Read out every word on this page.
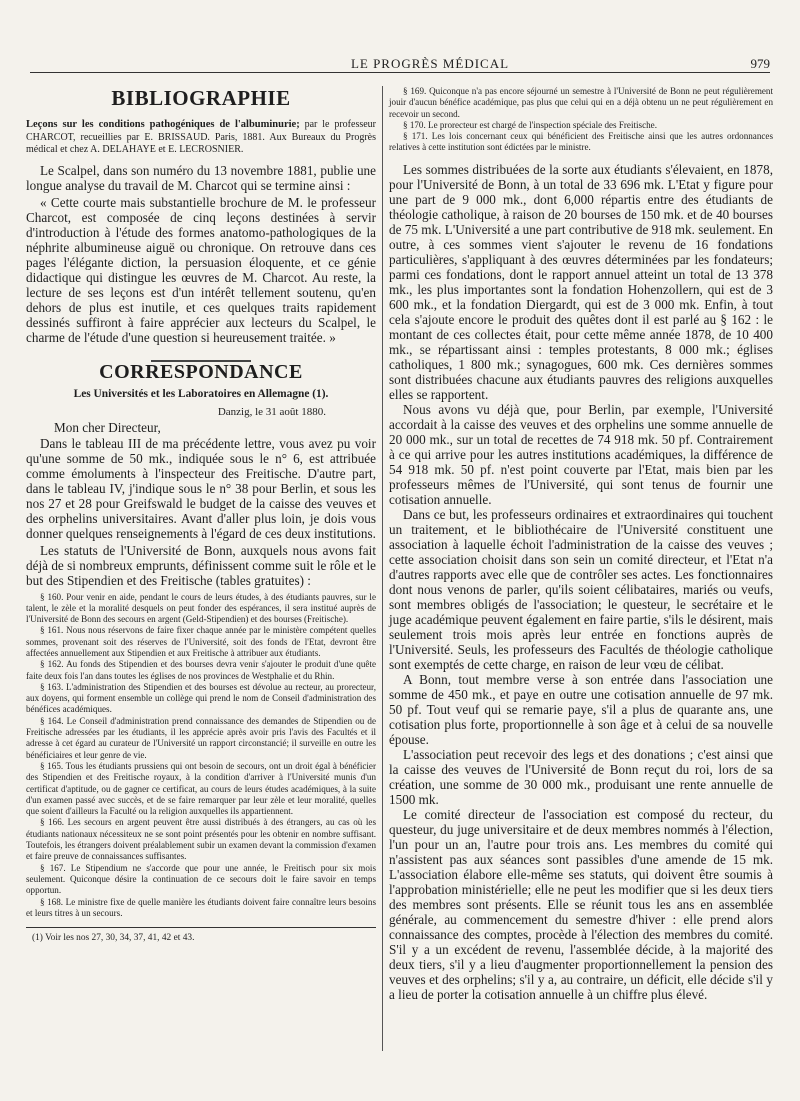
LE PROGRÈS MÉDICAL	979
BIBLIOGRAPHIE

Leçons sur les conditions pathogéniques de l'albuminurie; par le professeur CHARCOT, recueillies par E. BRISSAUD. Paris, 1881. Aux Bureaux du Progrès médical et chez A. DELAHAYE et E. LECROSNIER.

Le Scalpel, dans son numéro du 13 novembre 1881, publie une longue analyse du travail de M. Charcot qui se termine ainsi :

« Cette courte mais substantielle brochure de M. le professeur Charcot, est composée de cinq leçons destinées à servir d'introduction à l'étude des formes anatomo-pathologiques de la néphrite albumineuse aiguë ou chronique. On retrouve dans ces pages l'élégante diction, la persuasion éloquente, et ce génie didactique qui distingue les œuvres de M. Charcot. Au reste, la lecture de ses leçons est d'un intérêt tellement soutenu, qu'en dehors de plus est inutile, et ces quelques traits rapidement dessinés suffiront à faire apprécier aux lecteurs du Scalpel, le charme de l'étude d'une question si heureusement traitée. »

CORRESPONDANCE
Les Universités et les Laboratoires en Allemagne (1).
Danzig, le 31 août 1880.
Mon cher Directeur,

Dans le tableau III de ma précédente lettre, vous avez pu voir qu'une somme de 50 mk., indiquée sous le n° 6, est attribuée comme émoluments à l'inspecteur des Freitische. D'autre part, dans le tableau IV, j'indique sous le n° 38 pour Berlin, et sous les nos 27 et 28 pour Greifswald le budget de la caisse des veuves et des orphelins universitaires. Avant d'aller plus loin, je dois vous donner quelques renseignements à l'égard de ces deux institutions.

Les statuts de l'Université de Bonn, auxquels nous avons fait déjà de si nombreux emprunts, définissent comme suit le rôle et le but des Stipendien et des Freitische (tables gratuites) :

§ 160. Pour venir en aide, pendant le cours de leurs études, à des étudiants pauvres, sur le talent, le zèle et la moralité desquels on peut fonder des espérances, il sera institué auprès de l'Université de Bonn des secours en argent (Geld-Stipendien) et des bourses (Freitische).

§ 161. Nous nous réservons de faire fixer chaque année par le ministère compétent quelles sommes, provenant soit des réserves de l'Université, soit des fonds de l'Etat, devront être affectées annuellement aux Stipendien et aux Freitische à attribuer aux étudiants.

§ 162. Au fonds des Stipendien et des bourses devra venir s'ajouter le produit d'une quête faite deux fois l'an dans toutes les églises de nos provinces de Westphalie et du Rhin.

§ 163. L'administration des Stipendien et des bourses est dévolue au recteur, au prorecteur, aux doyens, qui forment ensemble un collège qui prend le nom de Conseil d'administration des bénéfices académiques.

§ 164. Le Conseil d'administration prend connaissance des demandes de Stipendien ou de Freitische adressées par les étudiants, il les apprécie après avoir pris l'avis des Facultés et il adresse à cet égard au curateur de l'Université un rapport circonstancié; il surveille en outre les bénéficiaires et leur genre de vie.

§ 165. Tous les étudiants prussiens qui ont besoin de secours, ont un droit égal à bénéficier des Stipendien et des Freitische royaux, à la condition d'arriver à l'Université munis d'un certificat d'aptitude, ou de gagner ce certificat, au cours de leurs études académiques, à la suite d'un examen passé avec succès, et de se faire remarquer par leur zèle et leur moralité, quelles que soient d'ailleurs la Faculté ou la religion auxquelles ils appartiennent.

§ 166. Les secours en argent peuvent être aussi distribués à des étrangers, au cas où les étudiants nationaux nécessiteux ne se sont point présentés pour les obtenir en nombre suffisant. Toutefois, les étrangers doivent préalablement subir un examen devant la commission d'examen et faire preuve de connaissances suffisantes.

§ 167. Le Stipendium ne s'accorde que pour une année, le Freitisch pour six mois seulement. Quiconque désire la continuation de ce secours doit le faire savoir en temps opportun.

§ 168. Le ministre fixe de quelle manière les étudiants doivent faire connaître leurs besoins et leurs titres à un secours.

(1) Voir les nos 27, 30, 34, 37, 41, 42 et 43.

§ 169. Quiconque n'a pas encore séjourné un semestre à l'Université de Bonn ne peut régulièrement jouir d'aucun bénéfice académique, pas plus que celui qui en a déjà obtenu un ne peut régulièrement en recevoir un second.

§ 170. Le prorecteur est chargé de l'inspection spéciale des Freitische.

§ 171. Les lois concernant ceux qui bénéficient des Freitische ainsi que les autres ordonnances relatives à cette institution sont édictées par le ministre.

Les sommes distribuées de la sorte aux étudiants s'élevaient, en 1878, pour l'Université de Bonn, à un total de 33 696 mk. L'Etat y figure pour une part de 9 000 mk., dont 6,000 répartis entre des étudiants de théologie catholique, à raison de 20 bourses de 150 mk. et de 40 bourses de 75 mk. L'Université a une part contributive de 918 mk. seulement. En outre, à ces sommes vient s'ajouter le revenu de 16 fondations particulières, s'appliquant à des œuvres déterminées par les fondateurs; parmi ces fondations, dont le rapport annuel atteint un total de 13 378 mk., les plus importantes sont la fondation Hohenzollern, qui est de 3 600 mk., et la fondation Diergardt, qui est de 3 000 mk. Enfin, à tout cela s'ajoute encore le produit des quêtes dont il est parlé au § 162 : le montant de ces collectes était, pour cette même année 1878, de 10 400 mk., se répartissant ainsi : temples protestants, 8 000 mk.; églises catholiques, 1 800 mk.; synagogues, 600 mk. Ces dernières sommes sont distribuées chacune aux étudiants pauvres des religions auxquelles elles se rapportent.

Nous avons vu déjà que, pour Berlin, par exemple, l'Université accordait à la caisse des veuves et des orphelins une somme annuelle de 20 000 mk., sur un total de recettes de 74 918 mk. 50 pf. Contrairement à ce qui arrive pour les autres institutions académiques, la différence de 54 918 mk. 50 pf. n'est point couverte par l'Etat, mais bien par les professeurs mêmes de l'Université, qui sont tenus de fournir une cotisation annuelle.

Dans ce but, les professeurs ordinaires et extraordinaires qui touchent un traitement, et le bibliothécaire de l'Université constituent une association à laquelle échoit l'administration de la caisse des veuves ; cette association choisit dans son sein un comité directeur, et l'Etat n'a d'autres rapports avec elle que de contrôler ses actes. Les fonctionnaires dont nous venons de parler, qu'ils soient célibataires, mariés ou veufs, sont membres obligés de l'association; le questeur, le secrétaire et le juge académique peuvent également en faire partie, s'ils le désirent, mais seulement trois mois après leur entrée en fonctions auprès de l'Université. Seuls, les professeurs des Facultés de théologie catholique sont exemptés de cette charge, en raison de leur vœu de célibat.

A Bonn, tout membre verse à son entrée dans l'association une somme de 450 mk., et paye en outre une cotisation annuelle de 97 mk. 50 pf. Tout veuf qui se remarie paye, s'il a plus de quarante ans, une cotisation plus forte, proportionnelle à son âge et à celui de sa nouvelle épouse.

L'association peut recevoir des legs et des donations ; c'est ainsi que la caisse des veuves de l'Université de Bonn reçut du roi, lors de sa création, une somme de 30 000 mk., produisant une rente annuelle de 1500 mk.

Le comité directeur de l'association est composé du recteur, du questeur, du juge universitaire et de deux membres nommés à l'élection, l'un pour un an, l'autre pour trois ans. Les membres du comité qui n'assistent pas aux séances sont passibles d'une amende de 15 mk. L'association élabore elle-même ses statuts, qui doivent être soumis à l'approbation ministérielle; elle ne peut les modifier que si les deux tiers des membres sont présents. Elle se réunit tous les ans en assemblée générale, au commencement du semestre d'hiver : elle prend alors connaissance des comptes, procède à l'élection des membres du comité. S'il y a un excédent de revenu, l'assemblée décide, à la majorité des deux tiers, s'il y a lieu d'augmenter proportionnellement la pension des veuves et des orphelins; s'il y a, au contraire, un déficit, elle décide s'il y a lieu de porter la cotisation annuelle à un chiffre plus élevé.
